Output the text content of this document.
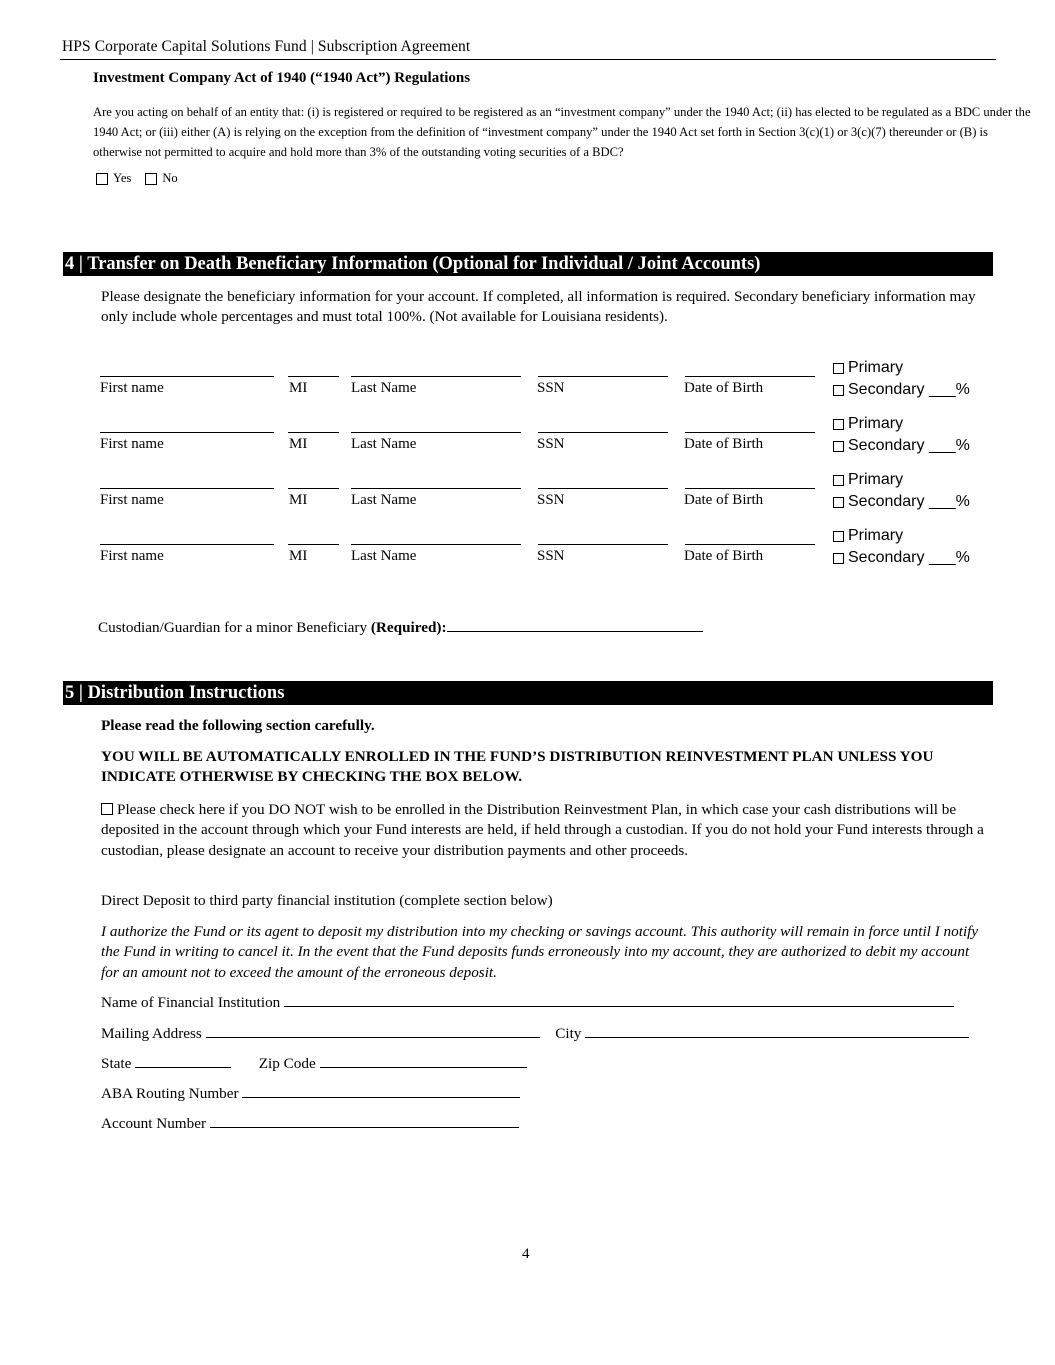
HPS Corporate Capital Solutions Fund | Subscription Agreement
Investment Company Act of 1940 (“1940 Act”) Regulations
Are you acting on behalf of an entity that: (i) is registered or required to be registered as an “investment company” under the 1940 Act; (ii) has elected to be regulated as a BDC under the 1940 Act; or (iii) either (A) is relying on the exception from the definition of “investment company” under the 1940 Act set forth in Section 3(c)(1) or 3(c)(7) thereunder or (B) is otherwise not permitted to acquire and hold more than 3% of the outstanding voting securities of a BDC?
Yes No
4 | Transfer on Death Beneficiary Information (Optional for Individual / Joint Accounts)
Please designate the beneficiary information for your account. If completed, all information is required. Secondary beneficiary information may only include whole percentages and must total 100%. (Not available for Louisiana residents).
First name	MI	Last Name	SSN	Date of Birth
Primary
Secondary ___%
First name	MI	Last Name	SSN	Date of Birth
Primary
Secondary ___%
First name	MI	Last Name	SSN	Date of Birth
Primary
Secondary ___%
First name	MI	Last Name	SSN	Date of Birth
Primary
Secondary ___%
Custodian/Guardian for a minor Beneficiary (Required):
5 | Distribution Instructions
Please read the following section carefully.
YOU WILL BE AUTOMATICALLY ENROLLED IN THE FUND’S DISTRIBUTION REINVESTMENT PLAN UNLESS YOU INDICATE OTHERWISE BY CHECKING THE BOX BELOW.
Please check here if you DO NOT wish to be enrolled in the Distribution Reinvestment Plan, in which case your cash distributions will be deposited in the account through which your Fund interests are held, if held through a custodian. If you do not hold your Fund interests through a custodian, please designate an account to receive your distribution payments and other proceeds.
Direct Deposit to third party financial institution (complete section below)
I authorize the Fund or its agent to deposit my distribution into my checking or savings account. This authority will remain in force until I notify the Fund in writing to cancel it. In the event that the Fund deposits funds erroneously into my account, they are authorized to debit my account for an amount not to exceed the amount of the erroneous deposit.
Name of Financial Institution
Mailing Address	City
State	Zip Code
ABA Routing Number
Account Number
4
